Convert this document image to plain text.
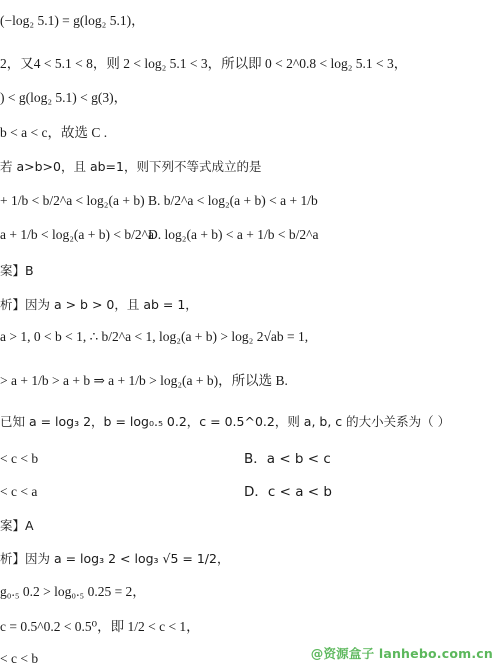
(−log₂ 5.1) = g(log₂ 5.1)，
2，又4 < 5.1 < 8，则 2 < log₂ 5.1 < 3，所以即 0 < 2^0.8 < log₂ 5.1 < 3，
) < g(log₂ 5.1) < g(3)，
b < a < c，故选 C .
若 a>b>0，且 ab=1，则下列不等式成立的是
+ 1/b < b/2^a < log₂(a + b) B. b/2^a < log₂(a + b) < a + 1/b
a + 1/b < log₂(a + b) < b/2^a
D. log₂(a + b) < a + 1/b < b/2^a
案】B
析】因为 a > b > 0，且 ab = 1，
a > 1, 0 < b < 1, ∴ b/2^a < 1, log₂(a + b) > log₂ 2√ab = 1,
> a + 1/b > a + b ⇒ a + 1/b > log₂(a + b)，所以选 B.
已知 a = log₃ 2，b = log₀.₅ 0.2，c = 0.5^0.2，则 a, b, c 的大小关系为（ ）
< c < b	B．a < b < c
< c < a	D．c < a < b
案】A
析】因为 a = log₃ 2 < log₃ √5 = 1/2，
g₀.₅ 0.2 > log₀.₅ 0.25 = 2，
c = 0.5^0.2 < 0.5⁰，即 1/2 < c < 1，
< c < b	@资源盒子 lanhebo.com.cn
